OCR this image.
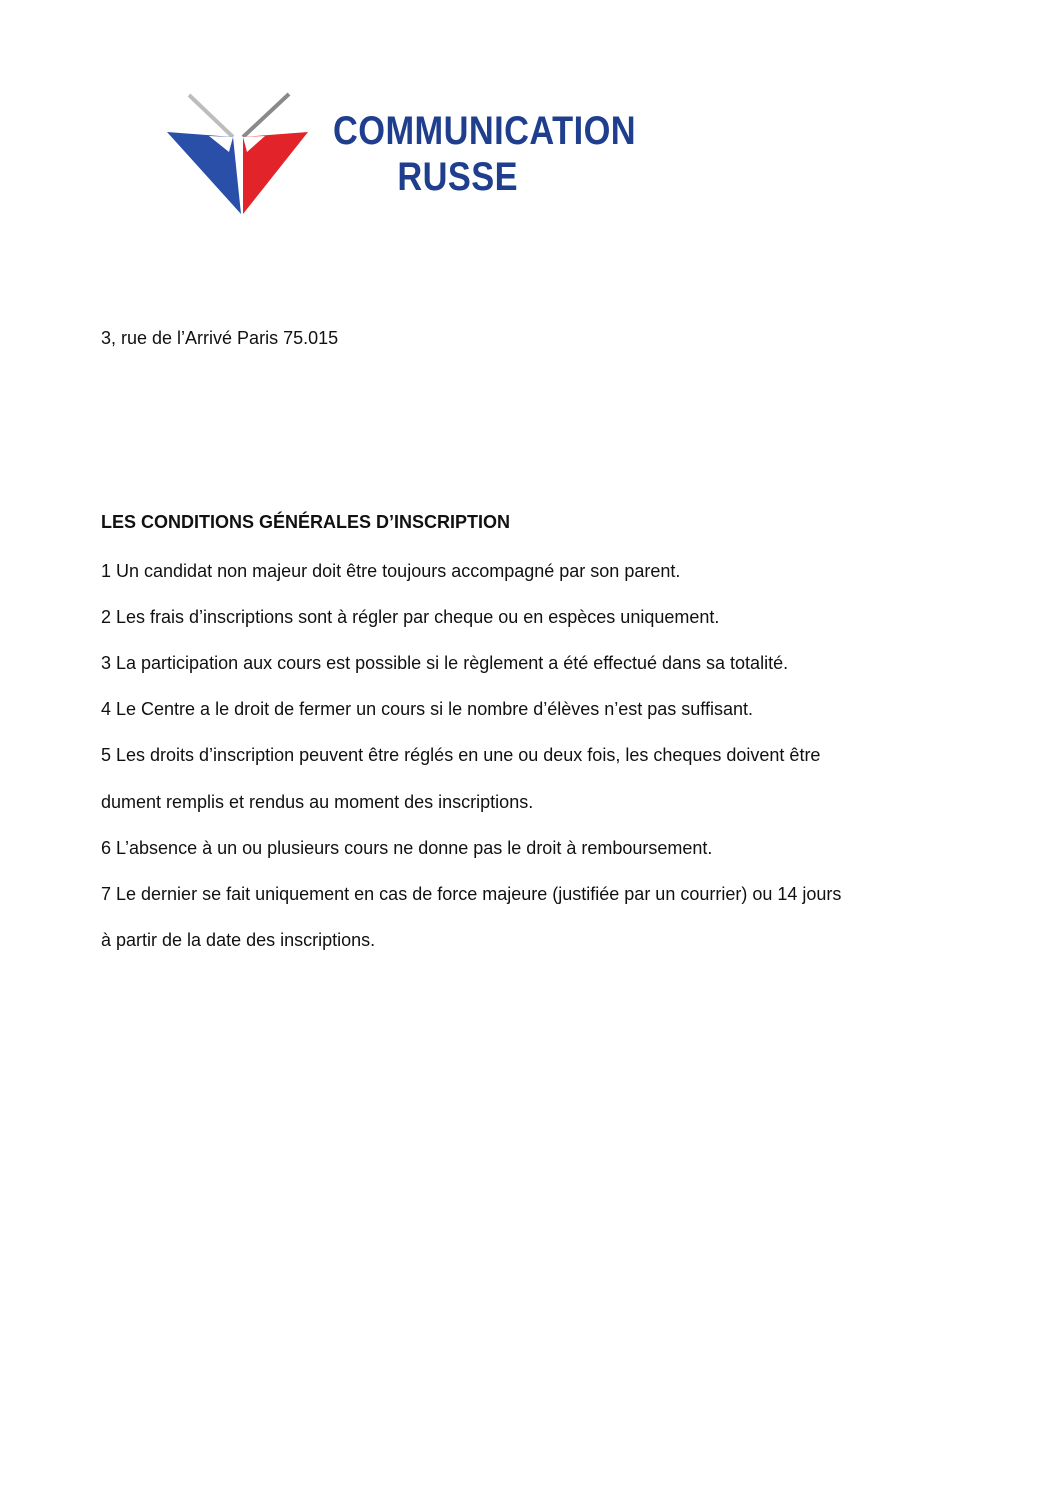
COMMUNICATION
RUSSE
3, rue de l’Arrivé Paris 75.015
LES CONDITIONS GÉNÉRALES D’INSCRIPTION
1 Un candidat non majeur doit être toujours accompagné par son parent.
2 Les frais d’inscriptions sont à régler par cheque ou en espèces uniquement.
3 La participation aux cours est possible si le règlement a été effectué dans sa totalité.
4 Le Centre a le droit de fermer un cours si le nombre d’élèves n’est pas suffisant.
5 Les droits d’inscription peuvent être réglés en une ou deux fois, les cheques doivent être
dument remplis et rendus au moment des inscriptions.
6 L’absence à un ou plusieurs cours ne donne pas le droit à remboursement.
7 Le dernier se fait uniquement en cas de force majeure (justifiée par un courrier) ou 14 jours
à partir de la date des inscriptions.
